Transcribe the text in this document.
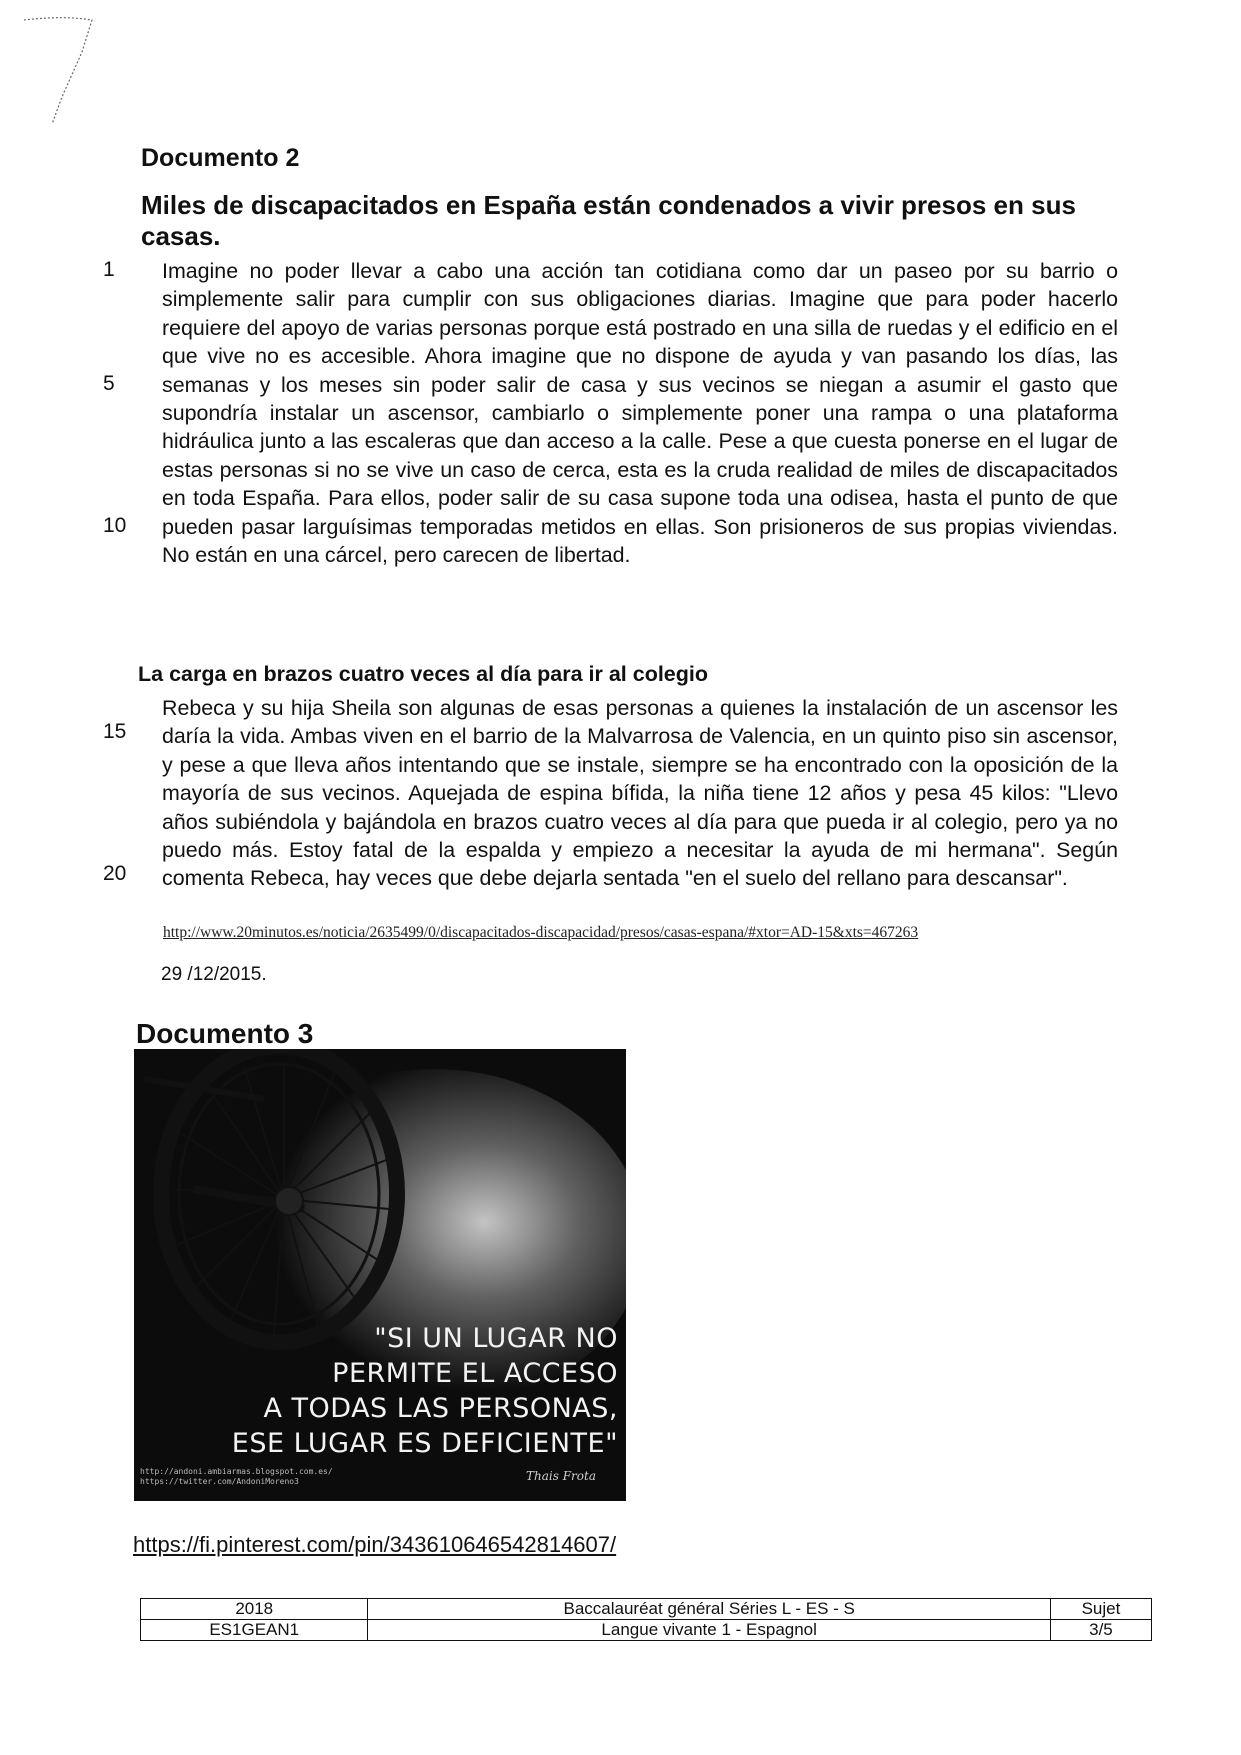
Documento 2
Miles de discapacitados en España están condenados a vivir presos en sus casas.
1
5
10
15
20
Imagine no poder llevar a cabo una acción tan cotidiana como dar un paseo por su barrio o simplemente salir para cumplir con sus obligaciones diarias. Imagine que para poder hacerlo requiere del apoyo de varias personas porque está postrado en una silla de ruedas y el edificio en el que vive no es accesible. Ahora imagine que no dispone de ayuda y van pasando los días, las semanas y los meses sin poder salir de casa y sus vecinos se niegan a asumir el gasto que supondría instalar un ascensor, cambiarlo o simplemente poner una rampa o una plataforma hidráulica junto a las escaleras que dan acceso a la calle. Pese a que cuesta ponerse en el lugar de estas personas si no se vive un caso de cerca, esta es la cruda realidad de miles de discapacitados en toda España. Para ellos, poder salir de su casa supone toda una odisea, hasta el punto de que pueden pasar larguísimas temporadas metidos en ellas. Son prisioneros de sus propias viviendas. No están en una cárcel, pero carecen de libertad.
La carga en brazos cuatro veces al día para ir al colegio
Rebeca y su hija Sheila son algunas de esas personas a quienes la instalación de un ascensor les daría la vida. Ambas viven en el barrio de la Malvarrosa de Valencia, en un quinto piso sin ascensor, y pese a que lleva años intentando que se instale, siempre se ha encontrado con la oposición de la mayoría de sus vecinos. Aquejada de espina bífida, la niña tiene 12 años y pesa 45 kilos: "Llevo años subiéndola y bajándola en brazos cuatro veces al día para que pueda ir al colegio, pero ya no puedo más. Estoy fatal de la espalda y empiezo a necesitar la ayuda de mi hermana". Según comenta Rebeca, hay veces que debe dejarla sentada "en el suelo del rellano para descansar".
http://www.20minutos.es/noticia/2635499/0/discapacitados-discapacidad/presos/casas-espana/#xtor=AD-15&xts=467263
29 /12/2015.
Documento 3
"SI UN LUGAR NO
PERMITE EL ACCESO
A TODAS LAS PERSONAS,
ESE LUGAR ES DEFICIENTE"
http://andoni.ambiarmas.blogspot.com.es/
https://twitter.com/AndoniMoreno3	Thais Frota
https://fi.pinterest.com/pin/343610646542814607/
2018	Baccalauréat général Séries L - ES - S	Sujet
ES1GEAN1	Langue vivante 1 - Espagnol	3/5
